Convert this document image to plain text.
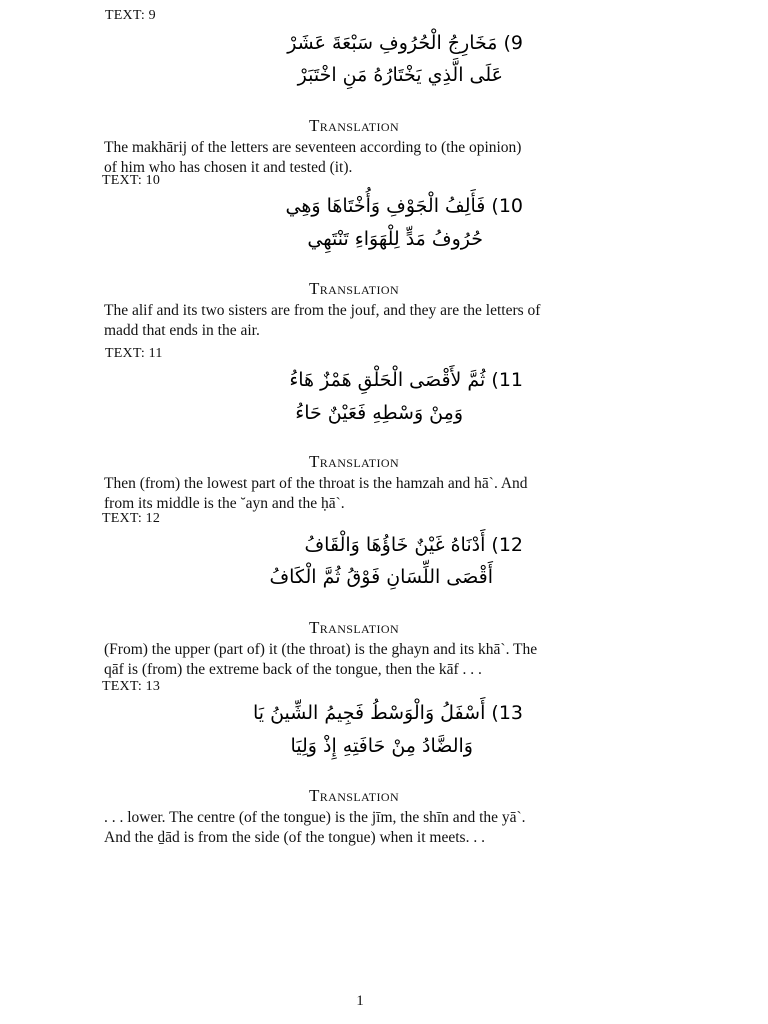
TEXT: 9
9) مَخَارِجُ الْحُرُوفِ سَبْعَةَ عَشَرْ
عَلَى الَّذِي يَخْتَارُهُ مَنِ اخْتَبَرْ
Translation
The makhārij of the letters are seventeen according to (the opinion)
of him who has chosen it and tested (it).
TEXT: 10
10) فَأَلِفُ الْجَوْفِ وَأُخْتَاهَا وَهِي
حُرُوفُ مَدٍّ لِلْهَوَاءِ تَنْتَهِي
Translation
The alif and its two sisters are from the jouf, and they are the letters of
madd that ends in the air.
TEXT: 11
11) ثُمَّ لأَقْصَى الْحَلْقِ هَمْزٌ هَاءُ
وَمِنْ وَسْطِهِ فَعَيْنٌ حَاءُ
Translation
Then (from) the lowest part of the throat is the hamzah and hā`. And
from its middle is the ˘ayn and the ḥā`.
TEXT: 12
12) أَدْنَاهُ غَيْنٌ خَاؤُهَا وَالْقَافُ
أَقْصَى اللِّسَانِ فَوْقُ ثُمَّ الْكَافُ
Translation
(From) the upper (part of) it (the throat) is the ghayn and its khā`. The
qāf is (from) the extreme back of the tongue, then the kāf . . .
TEXT: 13
13) أَسْفَلُ وَالْوَسْطُ فَجِيمُ الشِّينُ يَا
وَالضَّادُ مِنْ حَافَتِهِ إِذْ وَلِيَا
Translation
. . . lower. The centre (of the tongue) is the jīm, the shīn and the yā`.
And the ḏād is from the side (of the tongue) when it meets. . .
1
